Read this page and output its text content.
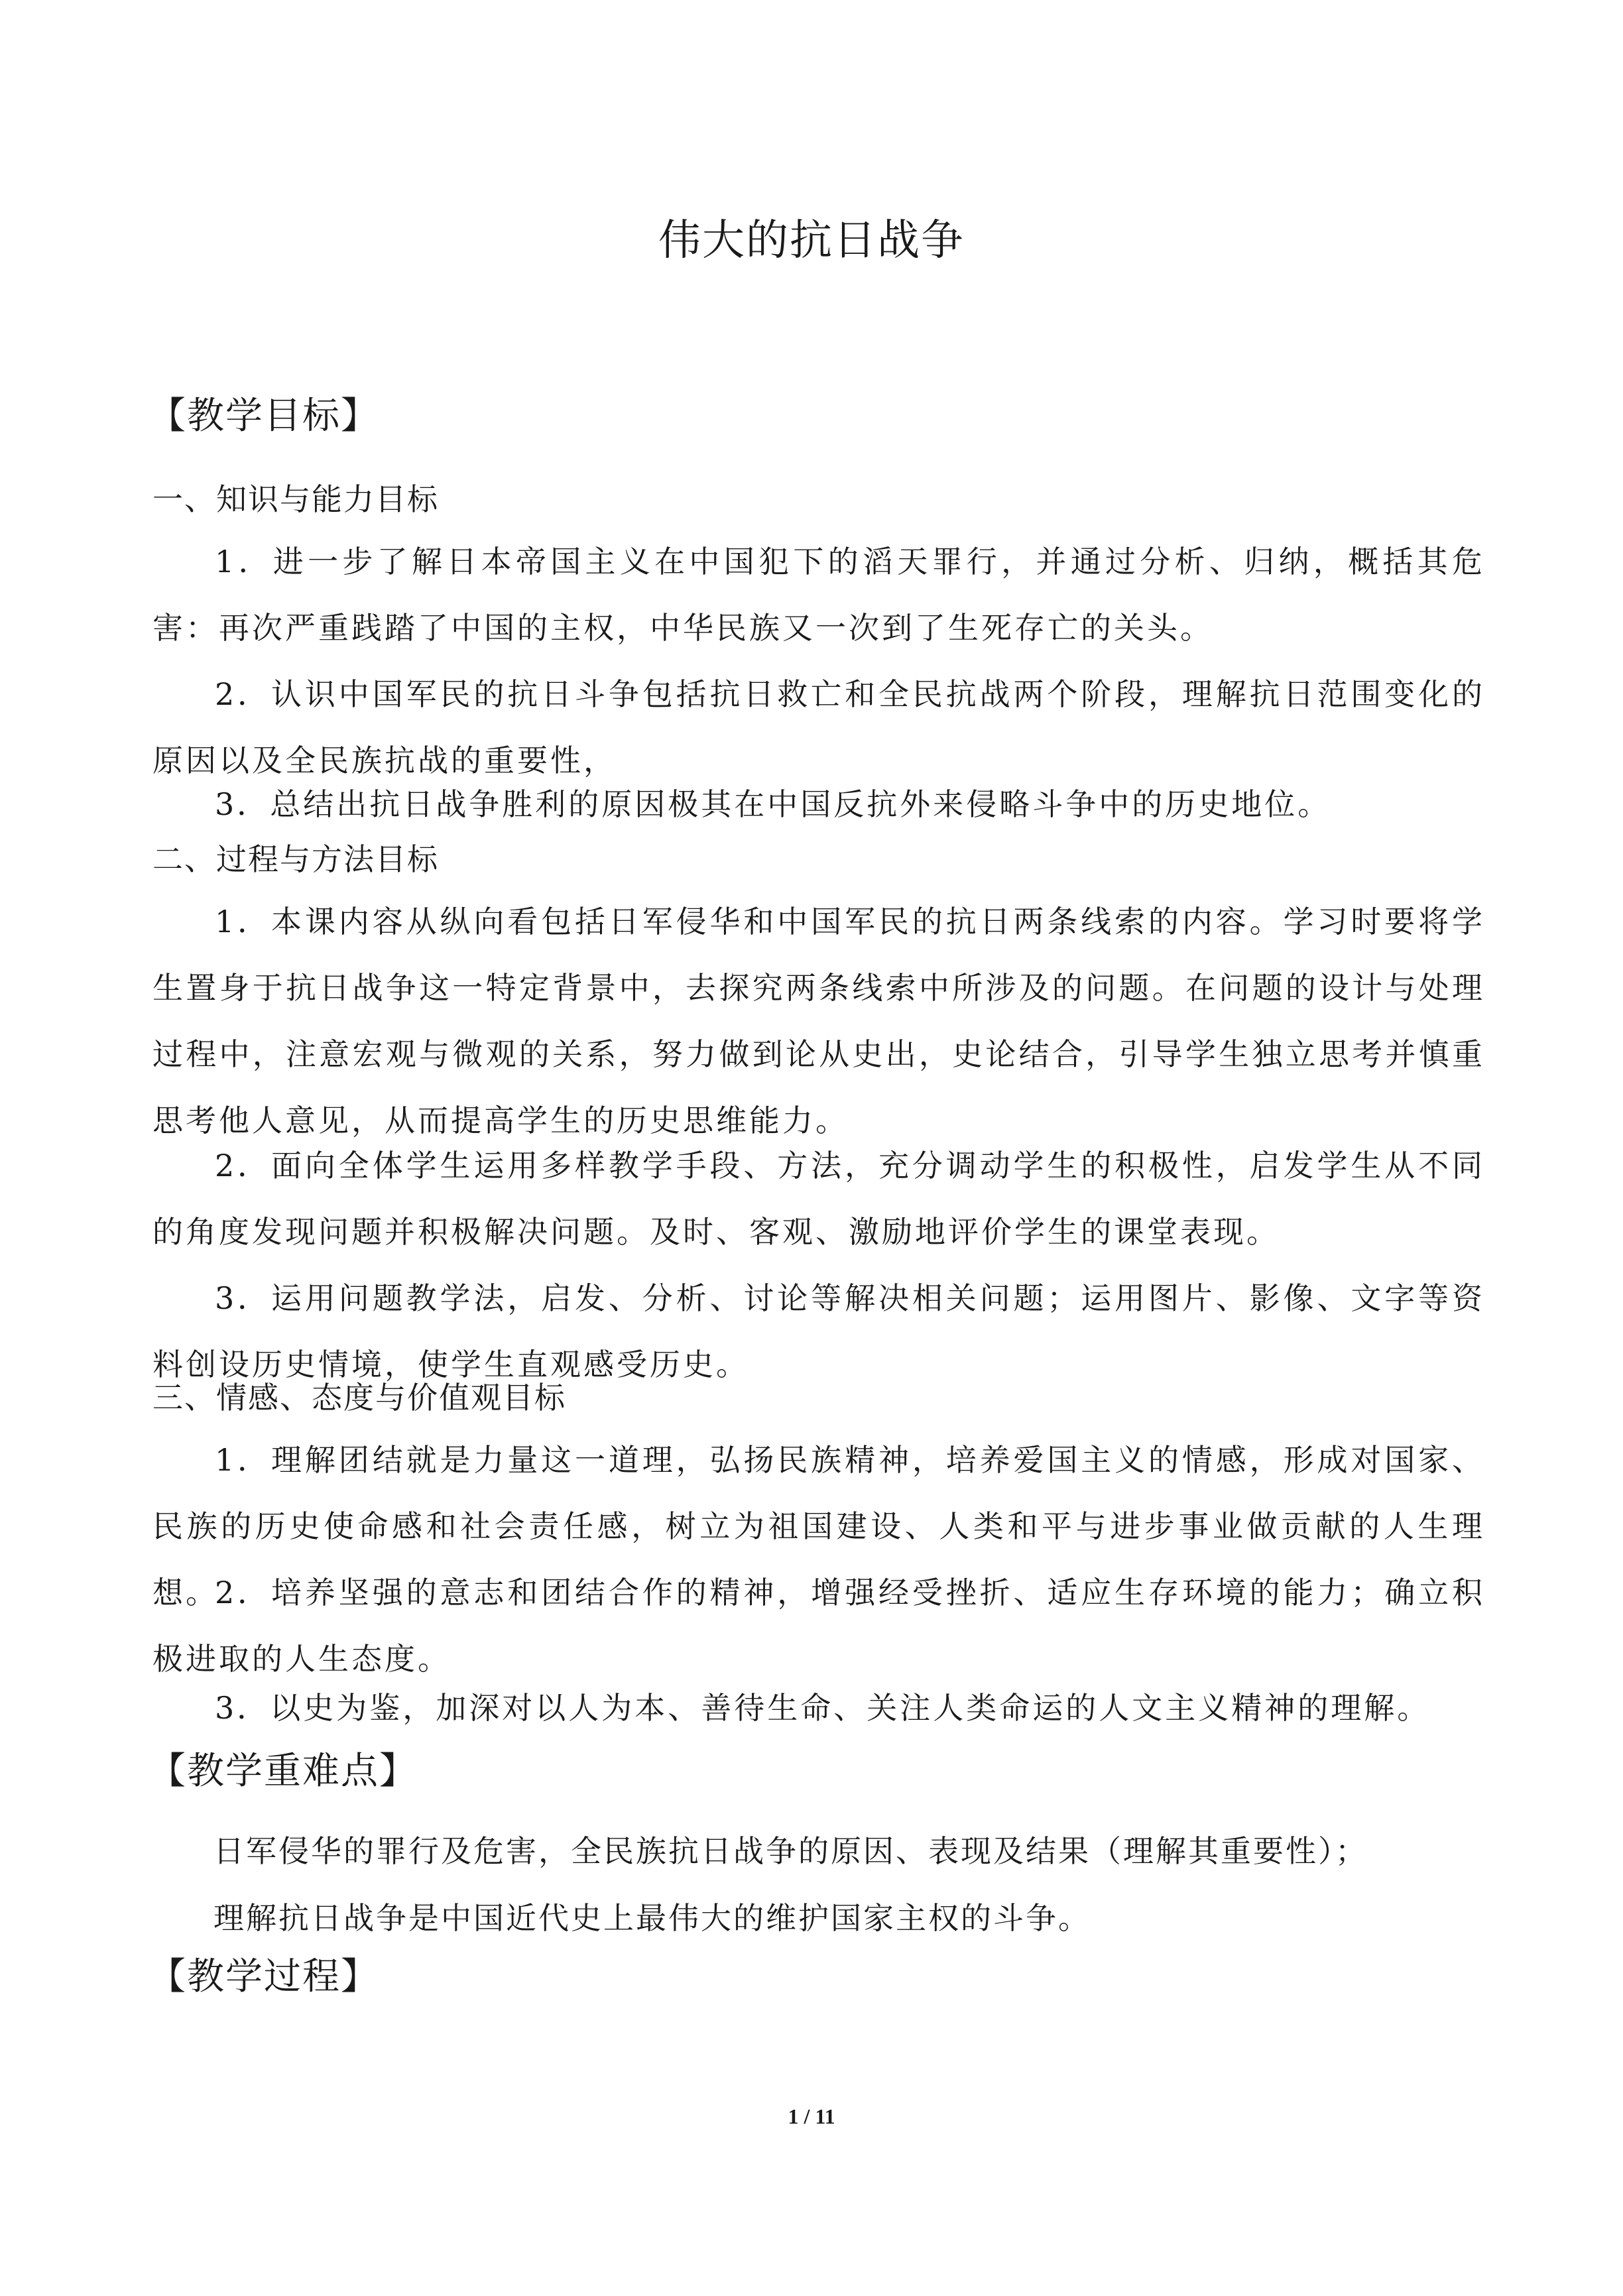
伟大的抗日战争
【教学目标】
一、知识与能力目标
1．进一步了解日本帝国主义在中国犯下的滔天罪行，并通过分析、归纳，概括其危害：再次严重践踏了中国的主权，中华民族又一次到了生死存亡的关头。
2．认识中国军民的抗日斗争包括抗日救亡和全民抗战两个阶段，理解抗日范围变化的原因以及全民族抗战的重要性，
3．总结出抗日战争胜利的原因极其在中国反抗外来侵略斗争中的历史地位。
二、过程与方法目标
1．本课内容从纵向看包括日军侵华和中国军民的抗日两条线索的内容。学习时要将学生置身于抗日战争这一特定背景中，去探究两条线索中所涉及的问题。在问题的设计与处理过程中，注意宏观与微观的关系，努力做到论从史出，史论结合，引导学生独立思考并慎重思考他人意见，从而提高学生的历史思维能力。
2．面向全体学生运用多样教学手段、方法，充分调动学生的积极性，启发学生从不同的角度发现问题并积极解决问题。及时、客观、激励地评价学生的课堂表现。
3．运用问题教学法，启发、分析、讨论等解决相关问题；运用图片、影像、文字等资料创设历史情境，使学生直观感受历史。
三、情感、态度与价值观目标
1．理解团结就是力量这一道理，弘扬民族精神，培养爱国主义的情感，形成对国家、民族的历史使命感和社会责任感，树立为祖国建设、人类和平与进步事业做贡献的人生理想。
2．培养坚强的意志和团结合作的精神，增强经受挫折、适应生存环境的能力；确立积极进取的人生态度。
3．以史为鉴，加深对以人为本、善待生命、关注人类命运的人文主义精神的理解。
【教学重难点】
日军侵华的罪行及危害，全民族抗日战争的原因、表现及结果（理解其重要性）；
理解抗日战争是中国近代史上最伟大的维护国家主权的斗争。
【教学过程】
1 / 11
